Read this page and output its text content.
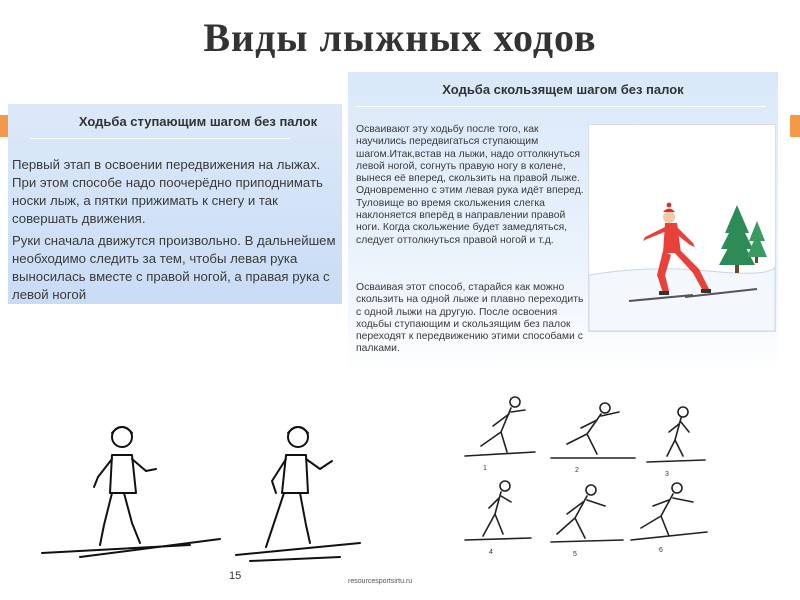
Виды лыжных ходов
Ходьба ступающим шагом без палок
Первый этап в освоении передвижения на лыжах. При этом способе надо поочерёдно приподнимать носки лыж, а пятки прижимать к снегу и так совершать движения.
Руки сначала движутся произвольно. В дальнейшем необходимо следить за тем, чтобы левая рука выносилась вместе с правой ногой, а правая рука с левой ногой
Ходьба скользящем шагом без палок
Осваивают эту ходьбу после того, как научились передвигаться ступающим шагом.Итак,встав на лыжи, надо оттолкнуться левой ногой, согнуть правую ногу в колене, вынеся её вперед, скользить на правой лыже. Одновременно с этим левая рука идёт вперед. Туловище во время скольжения слегка наклоняется вперёд в направлении правой ноги. Когда скольжение будет замедляться, следует оттолкнуться правой ногой и т.д.
Осваивая этот способ, старайся как можно скользить на одной лыже и плавно переходить с одной лыжи на другую. После освоения ходьбы ступающим и скользящим без палок переходят к передвижению этими способами с палками.
1	2
3
4	5
6
15	resourcesportsirtu.ru
